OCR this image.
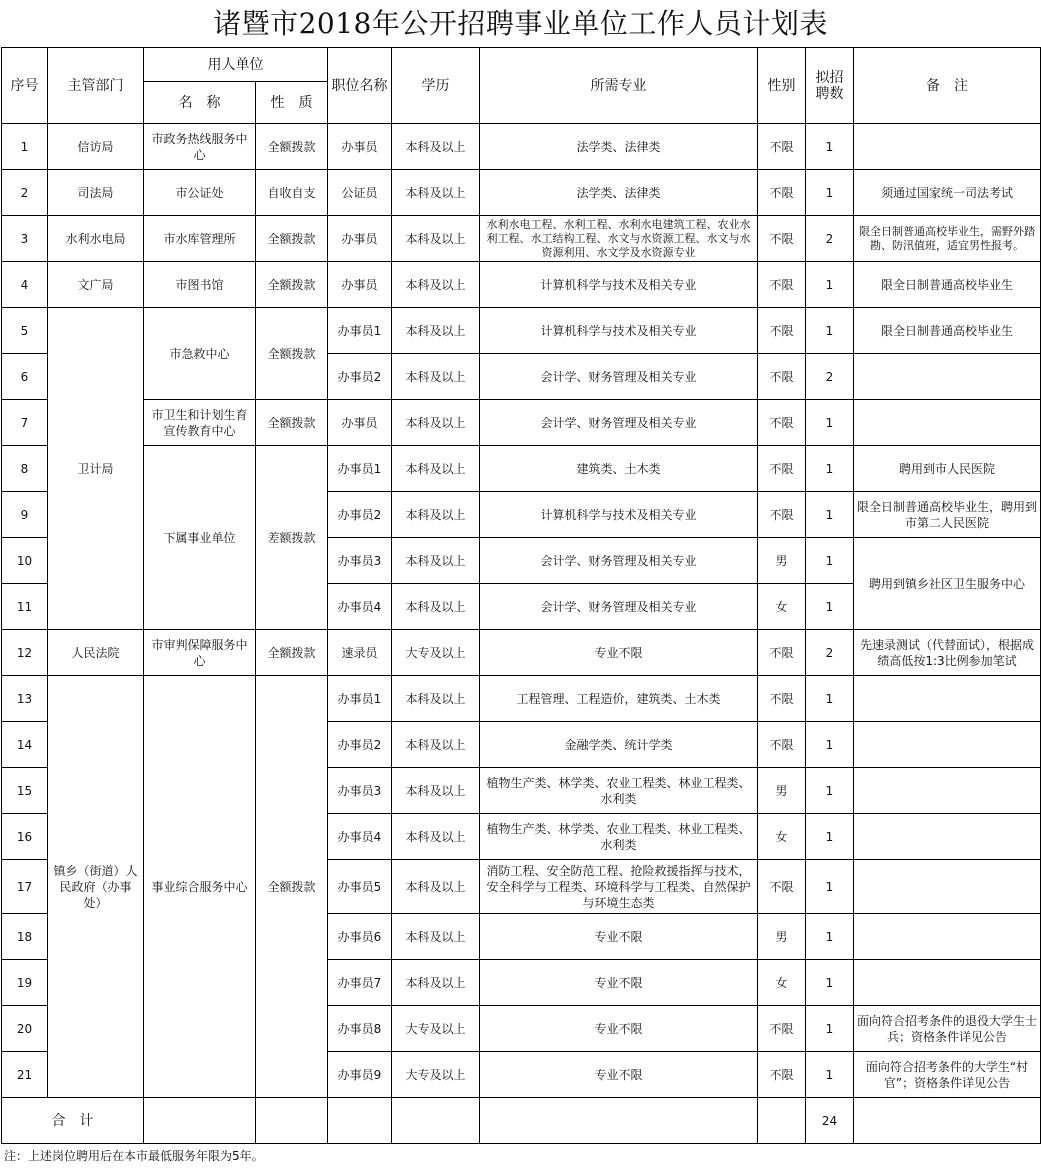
诸暨市2018年公开招聘事业单位工作人员计划表
序号	主管部门	用人单位		职位名称	学历	所需专业	性别	拟招聘数	备　注
		名　称	性　质						
1	信访局	市政务热线服务中心	全额拨款	办事员	本科及以上	法学类、法律类	不限	1	
2	司法局	市公证处	自收自支	公证员	本科及以上	法学类、法律类	不限	1	须通过国家统一司法考试
3	水利水电局	市水库管理所	全额拨款	办事员	本科及以上	水利水电工程、水利工程、水利水电建筑工程、农业水利工程、水工结构工程、水文与水资源工程、水文与水资源利用、水文学及水资源专业	不限	2	限全日制普通高校毕业生，需野外踏勘、防汛值班，适宜男性报考。
4	文广局	市图书馆	全额拨款	办事员	本科及以上	计算机科学与技术及相关专业	不限	1	限全日制普通高校毕业生
5	卫计局	市急救中心	全额拨款	办事员1	本科及以上	计算机科学与技术及相关专业	不限	1	限全日制普通高校毕业生
6				办事员2	本科及以上	会计学、财务管理及相关专业	不限	2	
7		市卫生和计划生育宣传教育中心	全额拨款	办事员	本科及以上	会计学、财务管理及相关专业	不限	1	
8		下属事业单位	差额拨款	办事员1	本科及以上	建筑类、土木类	不限	1	聘用到市人民医院
9				办事员2	本科及以上	计算机科学与技术及相关专业	不限	1	限全日制普通高校毕业生，聘用到市第二人民医院
10				办事员3	本科及以上	会计学、财务管理及相关专业	男	1	聘用到镇乡社区卫生服务中心
11				办事员4	本科及以上	会计学、财务管理及相关专业	女	1	
12	人民法院	市审判保障服务中心	全额拨款	速录员	大专及以上	专业不限	不限	2	先速录测试（代替面试），根据成绩高低按1:3比例参加笔试
13	镇乡（街道）人民政府（办事处）	事业综合服务中心	全额拨款	办事员1	本科及以上	工程管理、工程造价，建筑类、土木类	不限	1	
14				办事员2	本科及以上	金融学类、统计学类	不限	1	
15				办事员3	本科及以上	植物生产类、林学类、农业工程类、林业工程类、水利类	男	1	
16				办事员4	本科及以上	植物生产类、林学类、农业工程类、林业工程类、水利类	女	1	
17				办事员5	本科及以上	消防工程、安全防范工程、抢险救援指挥与技术，安全科学与工程类、环境科学与工程类、自然保护与环境生态类	不限	1	
18				办事员6	本科及以上	专业不限	男	1	
19				办事员7	本科及以上	专业不限	女	1	
20				办事员8	大专及以上	专业不限	不限	1	面向符合招考条件的退役大学生士兵；资格条件详见公告
21				办事员9	大专及以上	专业不限	不限	1	面向符合招考条件的大学生“村官”；资格条件详见公告
合　计								24	
注：上述岗位聘用后在本市最低服务年限为5年。
